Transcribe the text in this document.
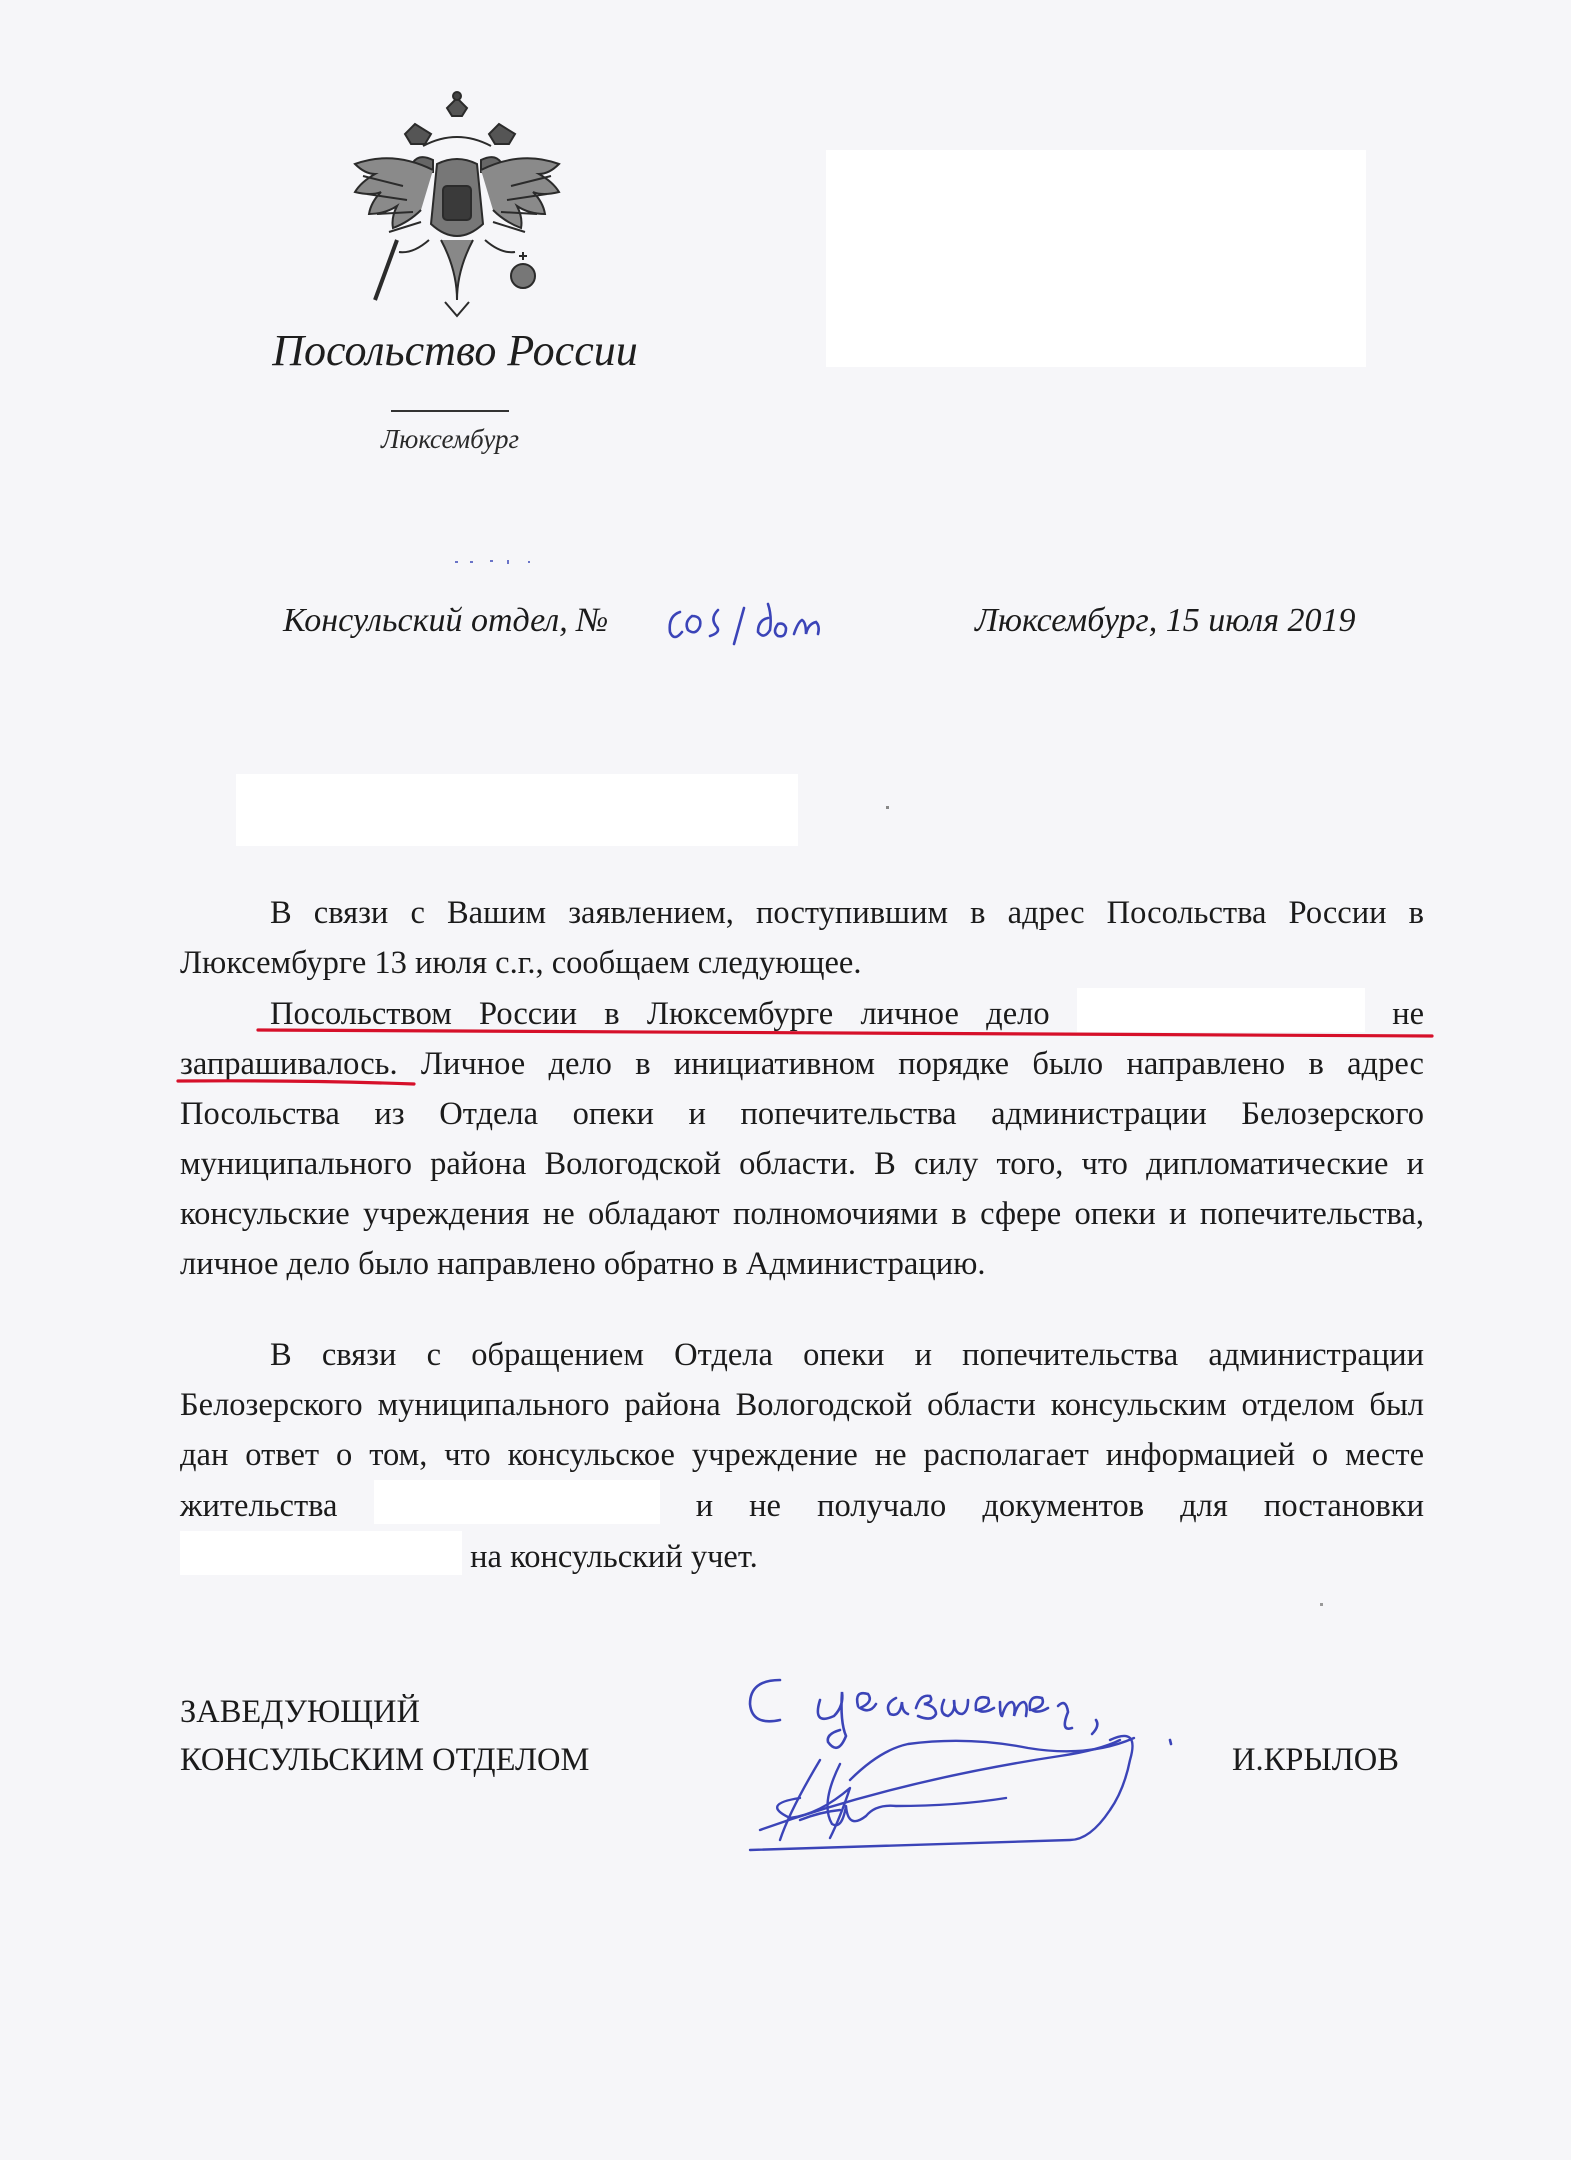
Посольство России
Люксембург
Консульский отдел, №	Люксембург, 15 июля 2019

В связи с Вашим заявлением, поступившим в адрес Посольства России в Люксембурге 13 июля с.г., сообщаем следующее.

Посольством России в Люксембурге личное дело	не запрашивалось. Личное дело в инициативном порядке было направлено в адрес Посольства из Отдела опеки и попечительства администрации Белозерского муниципального района Вологодской области. В силу того, что дипломатические и консульские учреждения не обладают полномочиями в сфере опеки и попечительства, личное дело было направлено обратно в Администрацию.

В связи с обращением Отдела опеки и попечительства администрации Белозерского муниципального района Вологодской области консульским отделом был дан ответ о том, что консульское учреждение не располагает информацией о месте жительства	и не получало документов для постановки  на консульский учет.

ЗАВЕДУЮЩИЙ
КОНСУЛЬСКИМ ОТДЕЛОМ	И.КРЫЛОВ
